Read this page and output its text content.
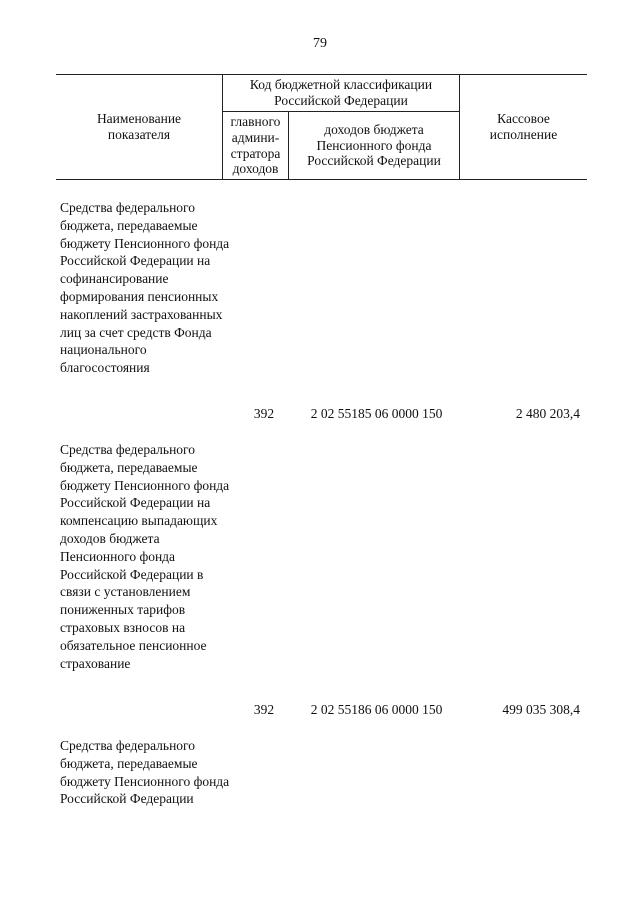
79
Наименование показателя
Код бюджетной классификации Российской Федерации
главного админи-стратора доходов
доходов бюджета Пенсионного фонда Российской Федерации
Кассовое исполнение
Средства федерального бюджета, передаваемые бюджету Пенсионного фонда Российской Федерации на софинансирование формирования пенсионных накоплений застрахованных лиц за счет средств Фонда национального благосостояния
392	2 02 55185 06 0000 150	2 480 203,4
Средства федерального бюджета, передаваемые бюджету Пенсионного фонда Российской Федерации на компенсацию выпадающих доходов бюджета Пенсионного фонда Российской Федерации в связи с установлением пониженных тарифов страховых взносов на обязательное пенсионное страхование
392	2 02 55186 06 0000 150	499 035 308,4
Средства федерального бюджета, передаваемые бюджету Пенсионного фонда Российской Федерации
